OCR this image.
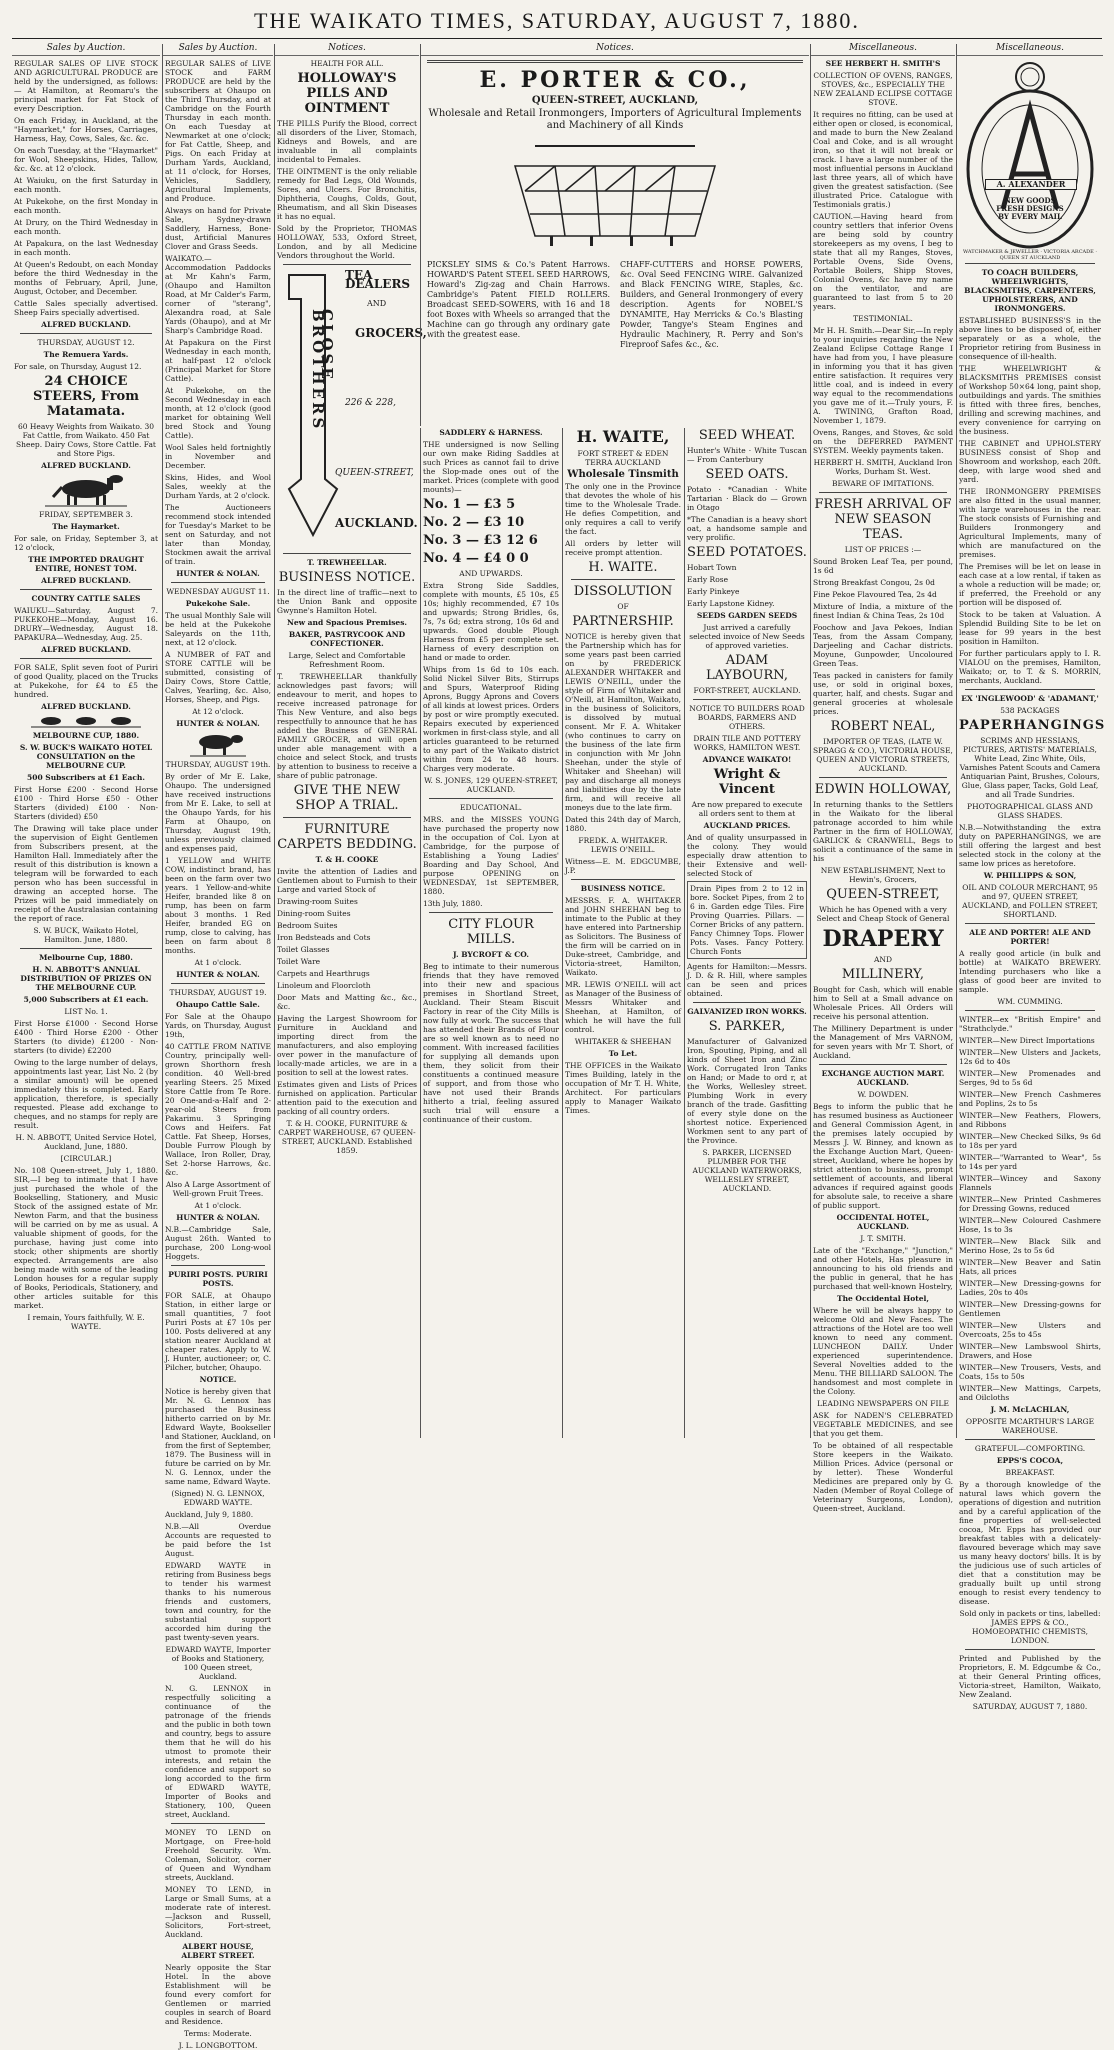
THE WAIKATO TIMES, SATURDAY, AUGUST 7, 1880.
Sales by Auction.

REGULAR SALES OF LIVE STOCK AND AGRICULTURAL PRODUCE are held by the undersigned, as follows: — At Hamilton, at Reomaru's the principal market for Fat Stock of every Description.

On each Friday, in Auckland, at the "Haymarket," for Horses, Carriages, Harness, Hay, Cows, Sales, &c. &c.

On each Tuesday, at the "Haymarket" for Wool, Sheepskins, Hides, Tallow, &c. &c. at 12 o'clock.

At Waiuku, on the first Saturday in each month.

At Pukekohe, on the first Monday in each month.

At Drury, on the Third Wednesday in each month.

At Papakura, on the last Wednesday in each month.

At Queen's Redoubt, on each Monday before the third Wednesday in the months of February, April, June, August, October, and December.

Cattle Sales specially advertised. Sheep Fairs specially advertised.

ALFRED BUCKLAND.

THURSDAY, AUGUST 12.

The Remuera Yards.

For sale, on Thursday, August 12.

24 CHOICE STEERS, From Matamata.

60 Heavy Weights from Waikato. 30 Fat Cattle, from Waikato. 450 Fat Sheep. Dairy Cows, Store Cattle. Fat and Store Pigs.

ALFRED BUCKLAND.

FRIDAY, SEPTEMBER 3.

The Haymarket.

For sale, on Friday, September 3, at 12 o'clock,

THE IMPORTED DRAUGHT ENTIRE, HONEST TOM.

ALFRED BUCKLAND.

COUNTRY CATTLE SALES

WAIUKU—Saturday, August 7. PUKEKOHE—Monday, August 16. DRURY—Wednesday, August 18. PAPAKURA—Wednesday, Aug. 25.

ALFRED BUCKLAND.

FOR SALE, Split seven foot of Puriri of good Quality, placed on the Trucks at Pukekohe, for £4 to £5 the hundred.

ALFRED BUCKLAND.

MELBOURNE CUP, 1880.

S. W. BUCK'S WAIKATO HOTEL CONSULTATION on the MELBOURNE CUP.

500 Subscribers at £1 Each.

First Horse £200 · Second Horse £100 · Third Horse £50 · Other Starters (divided) £100 · Non-Starters (divided) £50

The Drawing will take place under the supervision of Eight Gentlemen from Subscribers present, at the Hamilton Hall. Immediately after the result of this distribution is known a telegram will be forwarded to each person who has been successful in drawing an accepted horse. The Prizes will be paid immediately on receipt of the Australasian containing the report of race.

S. W. BUCK, Waikato Hotel, Hamilton. June, 1880.

Melbourne Cup, 1880.

H. N. ABBOTT'S ANNUAL DISTRIBUTION OF PRIZES ON THE MELBOURNE CUP.

5,000 Subscribers at £1 each.

LIST No. 1.

First Horse £1000 · Second Horse £400 · Third Horse £200 · Other Starters (to divide) £1200 · Non-starters (to divide) £2200

Owing to the large number of delays, appointments last year, List No. 2 (by a similar amount) will be opened immediately this is completed. Early application, therefore, is specially requested. Please add exchange to cheques, and no stamps for reply are result.

H. N. ABBOTT, United Service Hotel, Auckland, June, 1880.

[CIRCULAR.]

No. 108 Queen-street, July 1, 1880. SIR,—I beg to intimate that I have just purchased the whole of the Bookselling, Stationery, and Music Stock of the assigned estate of Mr. Newton Farm, and that the business will be carried on by me as usual. A valuable shipment of goods, for the purchase, having just come into stock; other shipments are shortly expected. Arrangements are also being made with some of the leading London houses for a regular supply of Books, Periodicals, Stationery, and other articles suitable for this market.

I remain, Yours faithfully, W. E. WAYTE.

Sales by Auction.

REGULAR SALES of LIVE STOCK and FARM PRODUCE are held by the subscribers at Ohaupo on the Third Thursday, and at Cambridge on the Fourth Thursday in each month. On each Tuesday at Newmarket at one o'clock; for Fat Cattle, Sheep, and Pigs. On each Friday at Durham Yards, Auckland, at 11 o'clock, for Horses, Vehicles, Saddlery, Agricultural Implements, and Produce.

Always on hand for Private Sale, Sydney-drawn Saddlery, Harness, Bone-dust, Artificial Manures Clover and Grass Seeds.

WAIKATO.—Accommodation Paddocks at Mr Kahn's Farm, (Ohaupo and Hamilton Road, at Mr Calder's Farm, corner of "sterang", Alexandra road, at Sale Yards (Ohaupo), and at Mr Sharp's Cambridge Road.

At Papakura on the First Wednesday in each month, at half-past 12 o'clock (Principal Market for Store Cattle).

At Pukekohe, on the Second Wednesday in each month, at 12 o'clock (good market for obtaining Well bred Stock and Young Cattle).

Wool Sales held fortnightly in November and December.

Skins, Hides, and Wool Sales, weekly at the Durham Yards, at 2 o'clock.

The Auctioneers recommend stock intended for Tuesday's Market to be sent on Saturday, and not later than Monday, Stockmen await the arrival of train.

HUNTER & NOLAN.

WEDNESDAY AUGUST 11.

Pukekohe Sale.

The usual Monthly Sale will be held at the Pukekohe Saleyards on the 11th, next, at 12 o'clock.

A NUMBER of FAT and STORE CATTLE will be submitted, consisting of Dairy Cows, Store Cattle, Calves, Yearling, &c. Also, Horses, Sheep, and Pigs.

At 12 o'clock.

HUNTER & NOLAN.

THURSDAY, AUGUST 19th.

By order of Mr E. Lake, Ohaupo. The undersigned have received instructions from Mr E. Lake, to sell at the Ohaupo Yards, for his Farm at Ohaupo, on Thursday, August 19th, unless previously claimed and expenses paid,

1 YELLOW and WHITE COW, indistinct brand, has been on the farm over two years. 1 Yellow-and-white Heifer, branded like 8 on rump, has been on farm about 3 months. 1 Red Heifer, branded EG on rump, close to calving, has been on farm about 8 months.

At 1 o'clock.

HUNTER & NOLAN.

THURSDAY, AUGUST 19.

Ohaupo Cattle Sale.

For Sale at the Ohaupo Yards, on Thursday, August 19th,

40 CATTLE FROM NATIVE Country, principally well-grown Shorthorn fresh condition. 40 Well-bred yearling Steers. 25 Mixed Store Cattle from Te Rore. 20 One-and-a-Half and 2-year-old Steers from Pakarimu. 3 Springing Cows and Heifers. Fat Cattle. Fat Sheep, Horses, Double Furrow Plough by Wallace, Iron Roller, Dray, Set 2-horse Harrows, &c. &c.

Also A Large Assortment of Well-grown Fruit Trees.

At 1 o'clock.

HUNTER & NOLAN.

N.B.—Cambridge Sale, August 26th. Wanted to purchase, 200 Long-wool Hoggets.

PURIRI POSTS. PURIRI POSTS.

FOR SALE, at Ohaupo Station, in either large or small quantities, 7 foot Puriri Posts at £7 10s per 100. Posts delivered at any station nearer Auckland at cheaper rates. Apply to W. J. Hunter, auctioneer; or, C. Pilcher, butcher, Ohaupo.

NOTICE.

Notice is hereby given that Mr. N. G. Lennox has purchased the Business hitherto carried on by Mr. Edward Wayte, Bookseller and Stationer, Auckland, on from the first of September, 1879. The Business will in future be carried on by Mr. N. G. Lennox, under the same name, Edward Wayte.

(Signed) N. G. LENNOX, EDWARD WAYTE.

Auckland, July 9, 1880.

N.B.—All Overdue Accounts are requested to be paid before the 1st August.

EDWARD WAYTE in retiring from Business begs to tender his warmest thanks to his numerous friends and customers, town and country, for the substantial support accorded him during the past twenty-seven years.

EDWARD WAYTE, Importer of Books and Stationery, 100 Queen street, Auckland.

N. G. LENNOX in respectfully soliciting a continuance of the patronage of the friends and the public in both town and country, begs to assure them that he will do his utmost to promote their interests, and retain the confidence and support so long accorded to the firm of EDWARD WAYTE, Importer of Books and Stationery, 100, Queen street, Auckland.

MONEY TO LEND on Mortgage, on Free-hold Freehold Security. Wm. Coleman, Solicitor, corner of Queen and Wyndham streets, Auckland.

MONEY TO LEND, in Large or Small Sums, at a moderate rate of interest. —Jackson and Russell, Solicitors, Fort-street, Auckland.

ALBERT HOUSE, ALBERT STREET.

Nearly opposite the Star Hotel. In the above Establishment will be found every comfort for Gentlemen or married couples in search of Board and Residence.

Terms: Moderate.

J. L. LONGBOTTOM.

Notices.

HEALTH FOR ALL.

HOLLOWAY'S PILLS AND OINTMENT

THE PILLS Purify the Blood, correct all disorders of the Liver, Stomach, Kidneys and Bowels, and are invaluable in all complaints incidental to Females.

THE OINTMENT is the only reliable remedy for Bad Legs, Old Wounds, Sores, and Ulcers. For Bronchitis, Diphtheria, Coughs, Colds, Gout, Rheumatism, and all Skin Diseases it has no equal.

Sold by the Proprietor, THOMAS HOLLOWAY, 533, Oxford Street, London, and by all Medicine Vendors throughout the World.

CLOSE BROTHERS
TEA DEALERS
AND
GROCERS,
226 & 228,
QUEEN-STREET,
AUCKLAND.

T. TREWHEELLAR.

BUSINESS NOTICE.

In the direct line of traffic—next to the Union Bank and opposite Gwynne's Hamilton Hotel.

New and Spacious Premises.

BAKER, PASTRYCOOK AND CONFECTIONER.

Large, Select and Comfortable Refreshment Room.

T. TREWHEELLAR thankfully acknowledges past favors; will endeavour to merit, and hopes to receive increased patronage for This New Venture, and also begs respectfully to announce that he has added the Business of GENERAL FAMILY GROCER, and will open under able management with a choice and select Stock, and trusts by attention to business to receive a share of public patronage.

GIVE THE NEW SHOP A TRIAL.

FURNITURE CARPETS BEDDING.

T. & H. COOKE

Invite the attention of Ladies and Gentlemen about to Furnish to their Large and varied Stock of

Drawing-room Suites

Dining-room Suites

Bedroom Suites

Iron Bedsteads and Cots

Toilet Glasses

Toilet Ware

Carpets and Hearthrugs

Linoleum and Floorcloth

Door Mats and Matting &c., &c., &c.

Having the Largest Showroom for Furniture in Auckland and importing direct from the manufacturers, and also employing over power in the manufacture of locally-made articles, we are in a position to sell at the lowest rates.

Estimates given and Lists of Prices furnished on application. Particular attention paid to the execution and packing of all country orders.

T. & H. COOKE, FURNITURE & CARPET WAREHOUSE, 67 QUEEN-STREET, AUCKLAND. Established 1859.

Notices.

E. PORTER & CO.,

QUEEN-STREET, AUCKLAND,

Wholesale and Retail Ironmongers, Importers of Agricultural Implements and Machinery of all Kinds

PICKSLEY SIMS & Co.'s Patent Harrows. HOWARD'S Patent STEEL SEED HARROWS, Howard's Zig-zag and Chain Harrows. Cambridge's Patent FIELD ROLLERS. Broadcast SEED-SOWERS, with 16 and 18 foot Boxes with Wheels so arranged that the Machine can go through any ordinary gate with the greatest ease.

CHAFF-CUTTERS and HORSE POWERS, &c. Oval Seed FENCING WIRE. Galvanized and Black FENCING WIRE, Staples, &c. Builders, and General Ironmongery of every description. Agents for NOBEL'S DYNAMITE, Hay Merricks & Co.'s Blasting Powder, Tangye's Steam Engines and Hydraulic Machinery, R. Perry and Son's Fireproof Safes &c., &c.

SADDLERY & HARNESS.

THE undersigned is now Selling our own make Riding Saddles at such Prices as cannot fail to drive the Slop-made ones out of the market. Prices (complete with good mounts)—

No. 1 — £3 5

No. 2 — £3 10

No. 3 — £3 12 6

No. 4 — £4 0 0

AND UPWARDS.

Extra Strong Side Saddles, complete with mounts, £5 10s, £5 10s; highly recommended, £7 10s and upwards; Strong Bridles, 6s, 7s, 7s 6d; extra strong, 10s 6d and upwards. Good double Plough Harness from £5 per complete set. Harness of every description on hand or made to order.

Whips from 1s 6d to 10s each. Solid Nickel Silver Bits, Stirrups and Spurs, Waterproof Riding Aprons, Buggy Aprons and Covers of all kinds at lowest prices. Orders by post or wire promptly executed. Repairs executed by experienced workmen in first-class style, and all articles guaranteed to be returned to any part of the Waikato district within from 24 to 48 hours. Charges very moderate.

W. S. JONES, 129 QUEEN-STREET, AUCKLAND.

EDUCATIONAL.

MRS. and the MISSES YOUNG have purchased the property now in the occupation of Col. Lyon at Cambridge, for the purpose of Establishing a Young Ladies' Boarding and Day School, And purpose OPENING on WEDNESDAY, 1st SEPTEMBER, 1880.

13th July, 1880.

CITY FLOUR MILLS.

J. BYCROFT & CO.

Beg to intimate to their numerous friends that they have removed into their new and spacious premises in Shortland Street, Auckland. Their Steam Biscuit Factory in rear of the City Mills is now fully at work. The success that has attended their Brands of Flour are so well known as to need no comment. With increased facilities for supplying all demands upon them, they solicit from their constituents a continued measure of support, and from those who have not used their Brands hitherto a trial, feeling assured such trial will ensure a continuance of their custom.

H. WAITE,

FORT STREET & EDEN TERRA AUCKLAND

Wholesale Tinsmith

The only one in the Province that devotes the whole of his time to the Wholesale Trade. He defies Competition, and only requires a call to verify the fact.

All orders by letter will receive prompt attention.

H. WAITE.

DISSOLUTION

OF

PARTNERSHIP.

NOTICE is hereby given that the Partnership which has for some years past been carried on by FREDERICK ALEXANDER WHITAKER and LEWIS O'NEILL, under the style of Firm of Whitaker and O'Neill, at Hamilton, Waikato, in the business of Solicitors, is dissolved by mutual consent. Mr F. A. Whitaker (who continues to carry on the business of the late firm in conjunction with Mr John Sheehan, under the style of Whitaker and Sheehan) will pay and discharge all moneys and liabilities due by the late firm, and will receive all moneys due to the late firm.

Dated this 24th day of March, 1880.

FREDK. A. WHITAKER. LEWIS O'NEILL.

Witness—E. M. EDGCUMBE, J.P.

BUSINESS NOTICE.

MESSRS. F. A. WHITAKER and JOHN SHEEHAN beg to intimate to the Public at they have entered into Partnership as Solicitors. The Business of the firm will be carried on in Duke-street, Cambridge, and Victoria-street, Hamilton, Waikato.

MR. LEWIS O'NEILL will act as Manager of the Business of Messrs Whitaker and Sheehan, at Hamilton, of which he will have the full control.

WHITAKER & SHEEHAN

To Let.

THE OFFICES in the Waikato Times Building, lately in the occupation of Mr T. H. White, Architect. For particulars apply to Manager Waikato Times.

SEED WHEAT.

Hunter's White · White Tuscan — From Canterbury

SEED OATS.

Potato · *Canadian · White Tartarian · Black do — Grown in Otago

*The Canadian is a heavy short oat, a handsome sample and very prolific.

SEED POTATOES.

Hobart Town

Early Rose

Early Pinkeye

Early Lapstone Kidney.

SEEDS GARDEN SEEDS

Just arrived a carefully selected invoice of New Seeds of approved varieties.

ADAM LAYBOURN,

FORT-STREET, AUCKLAND.

NOTICE TO BUILDERS ROAD BOARDS, FARMERS AND OTHERS.

DRAIN TILE AND POTTERY WORKS, HAMILTON WEST.

ADVANCE WAIKATO!

Wright & Vincent

Are now prepared to execute all orders sent to them at

AUCKLAND PRICES.

And of quality unsurpassed in the colony. They would especially draw attention to their Extensive and well-selected Stock of

Drain Pipes from 2 to 12 in bore. Socket Pipes, from 2 to 6 in. Garden edge Tiles. Fire Proving Quarries. Pillars. — Corner Bricks of any pattern. Fancy Chimney Tops. Flower Pots. Vases. Fancy Pottery. Church Fonts

Agents for Hamilton:—Messrs. J. D. & R. Hill, where samples can be seen and prices obtained.

GALVANIZED IRON WORKS.

S. PARKER,

Manufacturer of Galvanized Iron, Spouting, Piping, and all kinds of Sheet Iron and Zinc Work. Corrugated Iron Tanks on Hand; or Made to ord r, at the Works, Wellesley street. Plumbing Work in every branch of the trade. Gasfitting of every style done on the shortest notice. Experienced Workmen sent to any part of the Province.

S. PARKER, LICENSED PLUMBER FOR THE AUCKLAND WATERWORKS, WELLESLEY STREET, AUCKLAND.

Miscellaneous.

SEE HERBERT H. SMITH'S

COLLECTION OF OVENS, RANGES, STOVES, &c., ESPECIALLY THE NEW ZEALAND ECLIPSE COTTAGE STOVE.

It requires no fitting, can be used at either open or closed, is economical, and made to burn the New Zealand Coal and Coke, and is all wrought iron, so that it will not break or crack. I have a large number of the most influential persons in Auckland last three years, all of which have given the greatest satisfaction. (See illustrated Price. Catalogue with Testimonials gratis.)

CAUTION.—Having heard from country settlers that inferior Ovens are being sold by country storekeepers as my ovens, I beg to state that all my Ranges, Stoves, Portable Ovens, Side Ovens, Portable Boilers, Shipp Stoves, Colonial Ovens, &c have my name on the ventilator, and are guaranteed to last from 5 to 20 years.

TESTIMONIAL.

Mr H. H. Smith.—Dear Sir,—In reply to your inquiries regarding the New Zealand Eclipse Cottage Range I have had from you, I have pleasure in informing you that it has given entire satisfaction. It requires very little coal, and is indeed in every way equal to the recommendations you gave me of it.—Truly yours, F. A. TWINING, Grafton Road, November 1, 1879.

Ovens, Ranges, and Stoves, &c sold on the DEFERRED PAYMENT SYSTEM. Weekly payments taken.

HERBERT H. SMITH, Auckland Iron Works, Durham St. West.

BEWARE OF IMITATIONS.

FRESH ARRIVAL OF NEW SEASON TEAS.

LIST OF PRICES :—

Sound Broken Leaf Tea, per pound, 1s 6d

Strong Breakfast Congou, 2s 0d

Fine Pekoe Flavoured Tea, 2s 4d

Mixture of India, a mixture of the finest Indian & China Teas, 2s 10d

Foochow and Java Pekoes, Indian Teas, from the Assam Company, Darjeeling and Cachar districts. Moyune, Gunpowder, Uncoloured Green Teas.

Teas packed in canisters for family use, or sold in original boxes, quarter, half, and chests. Sugar and general groceries at wholesale prices.

ROBERT NEAL,

IMPORTER OF TEAS, (LATE W. SPRAGG & CO.), VICTORIA HOUSE, QUEEN AND VICTORIA STREETS, AUCKLAND.

EDWIN HOLLOWAY,

In returning thanks to the Settlers in the Waikato for the liberal patronage accorded to him while Partner in the firm of HOLLOWAY, GARLICK & CRANWELL, Begs to solicit a continuance of the same in his

NEW ESTABLISHMENT, Next to Hewin's, Grocers,

QUEEN-STREET,

Which he has Opened with a very Select and Cheap Stock of General

DRAPERY

AND

MILLINERY,

Bought for Cash, which will enable him to Sell at a Small advance on Wholesale Prices. All Orders will receive his personal attention.

The Millinery Department is under the Management of Mrs VARNOM, for seven years with Mr T. Short, of Auckland.

EXCHANGE AUCTION MART. AUCKLAND.

W. DOWDEN.

Begs to inform the public that he has resumed business as Auctioneer and General Commission Agent, in the premises lately occupied by Messrs J. W. Binney, and known as the Exchange Auction Mart, Queen-street, Auckland, where he hopes by strict attention to business, prompt settlement of accounts, and liberal advances if required against goods for absolute sale, to receive a share of public support.

OCCIDENTAL HOTEL, AUCKLAND.

J. T. SMITH.

Late of the "Exchange," "Junction," and other Hotels, Has pleasure in announcing to his old friends and the public in general, that he has purchased that well-known Hostelry,

The Occidental Hotel,

Where he will be always happy to welcome Old and New Faces. The attractions of the Hotel are too well known to need any comment. LUNCHEON DAILY. Under experienced superintendence. Several Novelties added to the Menu. THE BILLIARD SALOON. The handsomest and most complete in the Colony.

LEADING NEWSPAPERS ON FILE

ASK for NADEN'S CELEBRATED VEGETABLE MEDICINES, and see that you get them.

To be obtained of all respectable Store keepers in the Waikato. Million Prices. Advice (personal or by letter). These Wonderful Medicines are prepared only by G. Naden (Member of Royal College of Veterinary Surgeons, London), Queen-street, Auckland.

Miscellaneous.
A. ALEXANDER
NEW GOODS FRESH DESIGNS BY EVERY MAIL
WATCHMAKER & JEWELLER · VICTORIA ARCADE · QUEEN ST AUCKLAND

TO COACH BUILDERS, WHEELWRIGHTS, BLACKSMITHS, CARPENTERS, UPHOLSTERERS, AND IRONMONGERS.

ESTABLISHED BUSINESS'S in the above lines to be disposed of, either separately or as a whole, the Proprietor retiring from Business in consequence of ill-health.

THE WHEELWRIGHT & BLACKSMITHS PREMISES consist of Workshop 50×64 long, paint shop, outbuildings and yards. The smithies is fitted with three fires, benches, drilling and screwing machines, and every convenience for carrying on the business.

THE CABINET and UPHOLSTERY BUSINESS consist of Shop and Showroom and workshop, each 20ft. deep, with large wood shed and yard.

THE IRONMONGERY PREMISES are also fitted in the usual manner, with large warehouses in the rear. The stock consists of Furnishing and Builders Ironmongery and Agricultural Implements, many of which are manufactured on the premises.

The Premises will be let on lease in each case at a low rental, if taken as a whole a reduction will be made; or, if preferred, the Freehold or any portion will be disposed of.

Stock to be taken at Valuation. A Splendid Building Site to be let on lease for 99 years in the best position in Hamilton.

For further particulars apply to I. R. VIALOU on the premises, Hamilton, Waikato; or, to T. & S. MORRIN, merchants, Auckland.

EX 'INGLEWOOD' & 'ADAMANT,'

538 PACKAGES

PAPERHANGINGS

SCRIMS AND HESSIANS, PICTURES, ARTISTS' MATERIALS, White Lead, Zinc White, Oils, Varnishes Patent Scouts and Camera Antiquarian Paint, Brushes, Colours, Glue, Glass paper, Tacks, Gold Leaf, and all Trade Sundries.

PHOTOGRAPHICAL GLASS AND GLASS SHADES.

N.B.—Notwithstanding the extra duty on PAPERHANGINGS, we are still offering the largest and best selected stock in the colony at the same low prices as heretofore.

W. PHILLIPPS & SON,

OIL AND COLOUR MERCHANT, 95 and 97, QUEEN STREET, AUCKLAND, and FOLLEN STREET, SHORTLAND.

ALE AND PORTER! ALE AND PORTER!

A really good article (in bulk and bottle) at WAIKATO BREWERY. Intending purchasers who like a glass of good beer are invited to sample.

WM. CUMMING.

WINTER—ex "British Empire" and "Strathclyde."

WINTER—New Direct Importations

WINTER—New Ulsters and Jackets, 12s 6d to 40s

WINTER—New Promenades and Serges, 9d to 5s 6d

WINTER—New French Cashmeres and Poplins, 2s to 5s

WINTER—New Feathers, Flowers, and Ribbons

WINTER—New Checked Silks, 9s 6d to 18s per yard

WINTER—"Warranted to Wear", 5s to 14s per yard

WINTER—Wincey and Saxony Flannels

WINTER—New Printed Cashmeres for Dressing Gowns, reduced

WINTER—New Coloured Cashmere Hose, 1s to 3s

WINTER—New Black Silk and Merino Hose, 2s to 5s 6d

WINTER—New Beaver and Satin Hats, all prices

WINTER—New Dressing-gowns for Ladies, 20s to 40s

WINTER—New Dressing-gowns for Gentlemen

WINTER—New Ulsters and Overcoats, 25s to 45s

WINTER—New Lambswool Shirts, Drawers, and Hose

WINTER—New Trousers, Vests, and Coats, 15s to 50s

WINTER—New Mattings, Carpets, and Oilcloths

J. M. McLACHLAN,

OPPOSITE MCARTHUR'S LARGE WAREHOUSE.

GRATEFUL—COMFORTING.

EPPS'S COCOA,

BREAKFAST.

By a thorough knowledge of the natural laws which govern the operations of digestion and nutrition and by a careful application of the fine properties of well-selected cocoa, Mr. Epps has provided our breakfast tables with a delicately-flavoured beverage which may save us many heavy doctors' bills. It is by the judicious use of such articles of diet that a constitution may be gradually built up until strong enough to resist every tendency to disease.

Sold only in packets or tins, labelled: JAMES EPPS & CO., HOMOEOPATHIC CHEMISTS, LONDON.

Printed and Published by the Proprietors, E. M. Edgcumbe & Co., at their General Printing offices, Victoria-street, Hamilton, Waikato, New Zealand.

SATURDAY, AUGUST 7, 1880.
